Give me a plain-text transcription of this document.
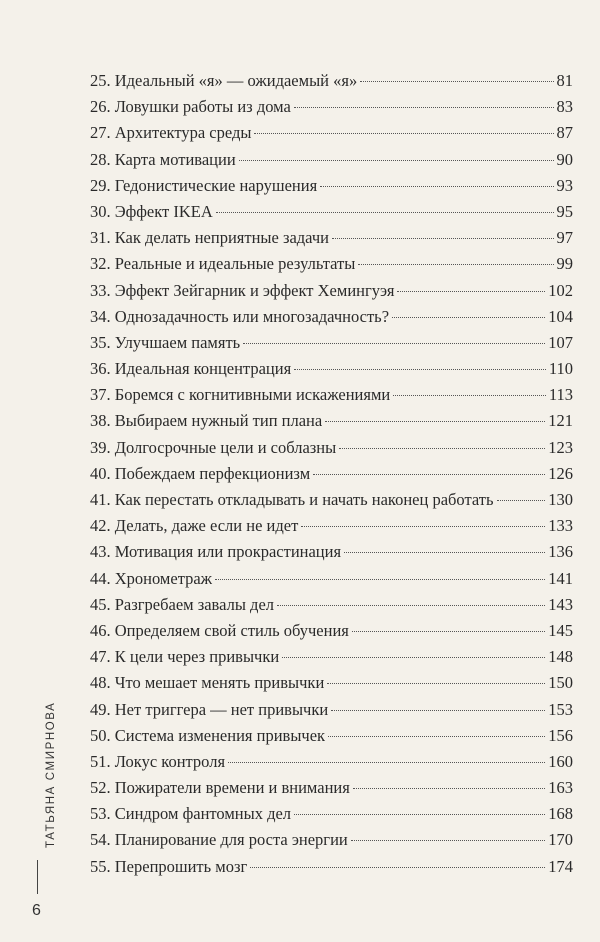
ТАТЬЯНА СМИРНОВА
6
25. Идеальный «я» — ожидаемый «я»	81
26. Ловушки работы из дома	83
27. Архитектура среды	87
28. Карта мотивации	90
29. Гедонистические нарушения	93
30. Эффект IKEA	95
31. Как делать неприятные задачи	97
32. Реальные и идеальные результаты	99
33. Эффект Зейгарник и эффект Хемингуэя	102
34. Однозадачность или многозадачность?	104
35. Улучшаем память	107
36. Идеальная концентрация	110
37. Боремся с когнитивными искажениями	113
38. Выбираем нужный тип плана	121
39. Долгосрочные цели и соблазны	123
40. Побеждаем перфекционизм	126
41. Как перестать откладывать и начать наконец работать	130
42. Делать, даже если не идет	133
43. Мотивация или прокрастинация	136
44. Хронометраж	141
45. Разгребаем завалы дел	143
46. Определяем свой стиль обучения	145
47. К цели через привычки	148
48. Что мешает менять привычки	150
49. Нет триггера — нет привычки	153
50. Система изменения привычек	156
51. Локус контроля	160
52. Пожиратели времени и внимания	163
53. Синдром фантомных дел	168
54. Планирование для роста энергии	170
55. Перепрошить мозг	174
